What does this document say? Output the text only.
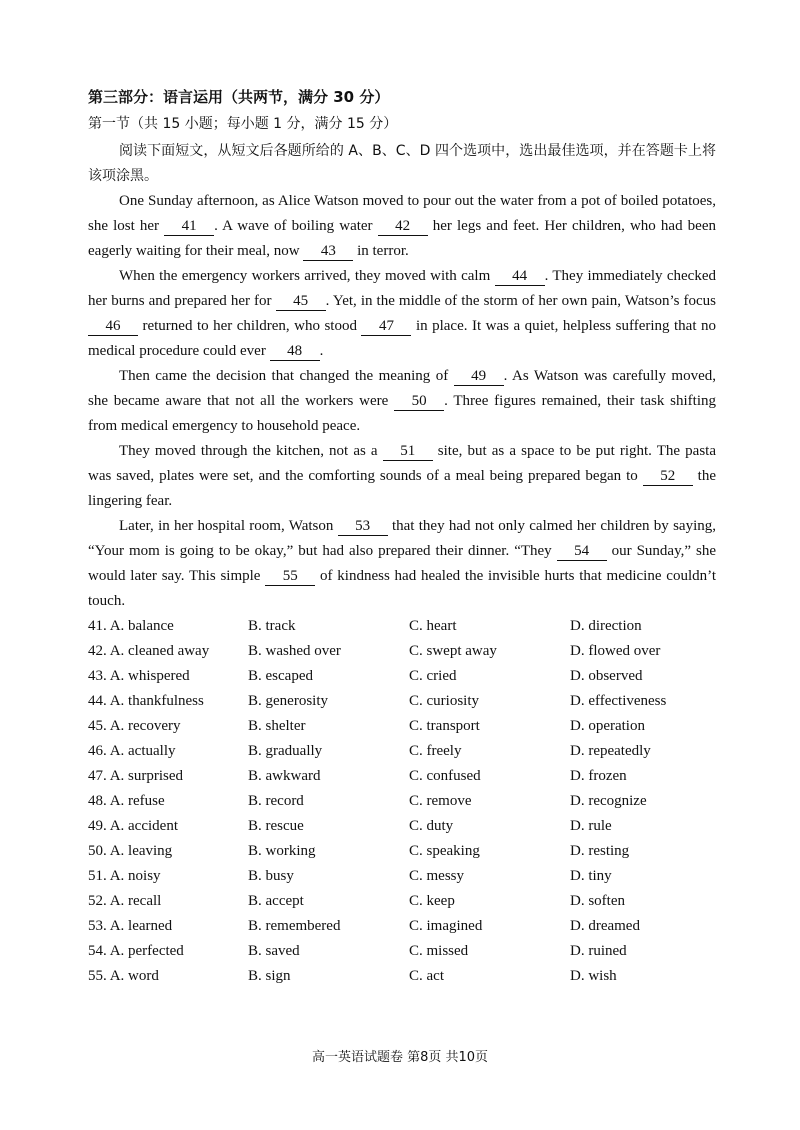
第三部分：语言运用（共两节，满分 30 分）

第一节（共 15 小题；每小题 1 分，满分 15 分）

阅读下面短文，从短文后各题所给的 A、B、C、D 四个选项中，选出最佳选项，并在答题卡上将该项涂黑。

One Sunday afternoon, as Alice Watson moved to pour out the water from a pot of boiled potatoes, she lost her 41 . A wave of boiling water 42 her legs and feet. Her children, who had been eagerly waiting for their meal, now 43 in terror.

When the emergency workers arrived, they moved with calm 44 . They immediately checked her burns and prepared her for 45 . Yet, in the middle of the storm of her own pain, Watson’s focus46 returned to her children, who stood 47 in place. It was a quiet, helpless suffering that no medical procedure could ever 48 .

Then came the decision that changed the meaning of 49 . As Watson was carefully moved, she became aware that not all the workers were 50 . Three figures remained, their task shifting from medical emergency to household peace.

They moved through the kitchen, not as a 51 site, but as a space to be put right. The pasta was saved, plates were set, and the comforting sounds of a meal being prepared began to 52 the lingering fear.

Later, in her hospital room, Watson 53 that they had not only calmed her children by saying, “Your mom is going to be okay,” but had also prepared their dinner. “They 54 our Sunday,” she would later say. This simple 55 of kindness had healed the invisible hurts that medicine couldn’t touch.

41. A. balance	B. track	C. heart	D. direction
42. A. cleaned away	B. washed over	C. swept away	D. flowed over
43. A. whispered	B. escaped	C. cried	D. observed
44. A. thankfulness	B. generosity	C. curiosity	D. effectiveness
45. A. recovery	B. shelter	C. transport	D. operation
46. A. actually	B. gradually	C. freely	D. repeatedly
47. A. surprised	B. awkward	C. confused	D. frozen
48. A. refuse	B. record	C. remove	D. recognize
49. A. accident	B. rescue	C. duty	D. rule
50. A. leaving	B. working	C. speaking	D. resting
51. A. noisy	B. busy	C. messy	D. tiny
52. A. recall	B. accept	C. keep	D. soften
53. A. learned	B. remembered	C. imagined	D. dreamed
54. A. perfected	B. saved	C. missed	D. ruined
55. A. word	B. sign	C. act	D. wish

高一英语试题卷 第8页 共10页
